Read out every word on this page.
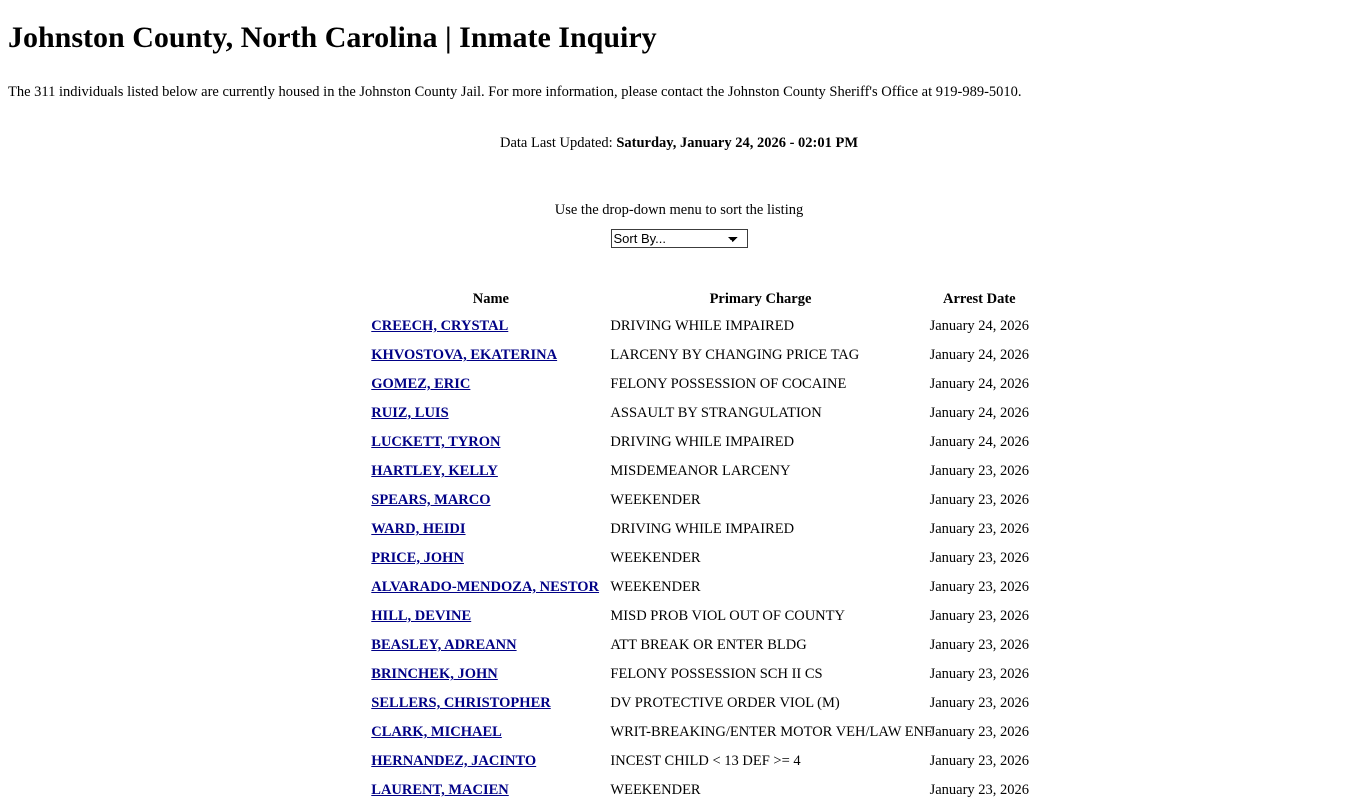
Johnston County, North Carolina | Inmate Inquiry

The 311 individuals listed below are currently housed in the Johnston County Jail. For more information, please contact the Johnston County Sheriff's Office at 919-989-5010.

Data Last Updated: Saturday, January 24, 2026 - 02:01 PM

Use the drop-down menu to sort the listing

Sort By...
	Name	Primary Charge	Arrest Date
	CREECH, CRYSTAL	DRIVING WHILE IMPAIRED	January 24, 2026
	KHVOSTOVA, EKATERINA	LARCENY BY CHANGING PRICE TAG	January 24, 2026
	GOMEZ, ERIC	FELONY POSSESSION OF COCAINE	January 24, 2026
	RUIZ, LUIS	ASSAULT BY STRANGULATION	January 24, 2026
	LUCKETT, TYRON	DRIVING WHILE IMPAIRED	January 24, 2026
	HARTLEY, KELLY	MISDEMEANOR LARCENY	January 23, 2026
	SPEARS, MARCO	WEEKENDER	January 23, 2026
	WARD, HEIDI	DRIVING WHILE IMPAIRED	January 23, 2026
	PRICE, JOHN	WEEKENDER	January 23, 2026
	ALVARADO-MENDOZA, NESTOR	WEEKENDER	January 23, 2026
	HILL, DEVINE	MISD PROB VIOL OUT OF COUNTY	January 23, 2026
	BEASLEY, ADREANN	ATT BREAK OR ENTER BLDG	January 23, 2026
	BRINCHEK, JOHN	FELONY POSSESSION SCH II CS	January 23, 2026
	SELLERS, CHRISTOPHER	DV PROTECTIVE ORDER VIOL (M)	January 23, 2026
	CLARK, MICHAEL	WRIT-BREAKING/ENTER MOTOR VEH/LAW ENF	January 23, 2026
	HERNANDEZ, JACINTO	INCEST CHILD < 13 DEF >= 4	January 23, 2026
	LAURENT, MACIEN	WEEKENDER	January 23, 2026
